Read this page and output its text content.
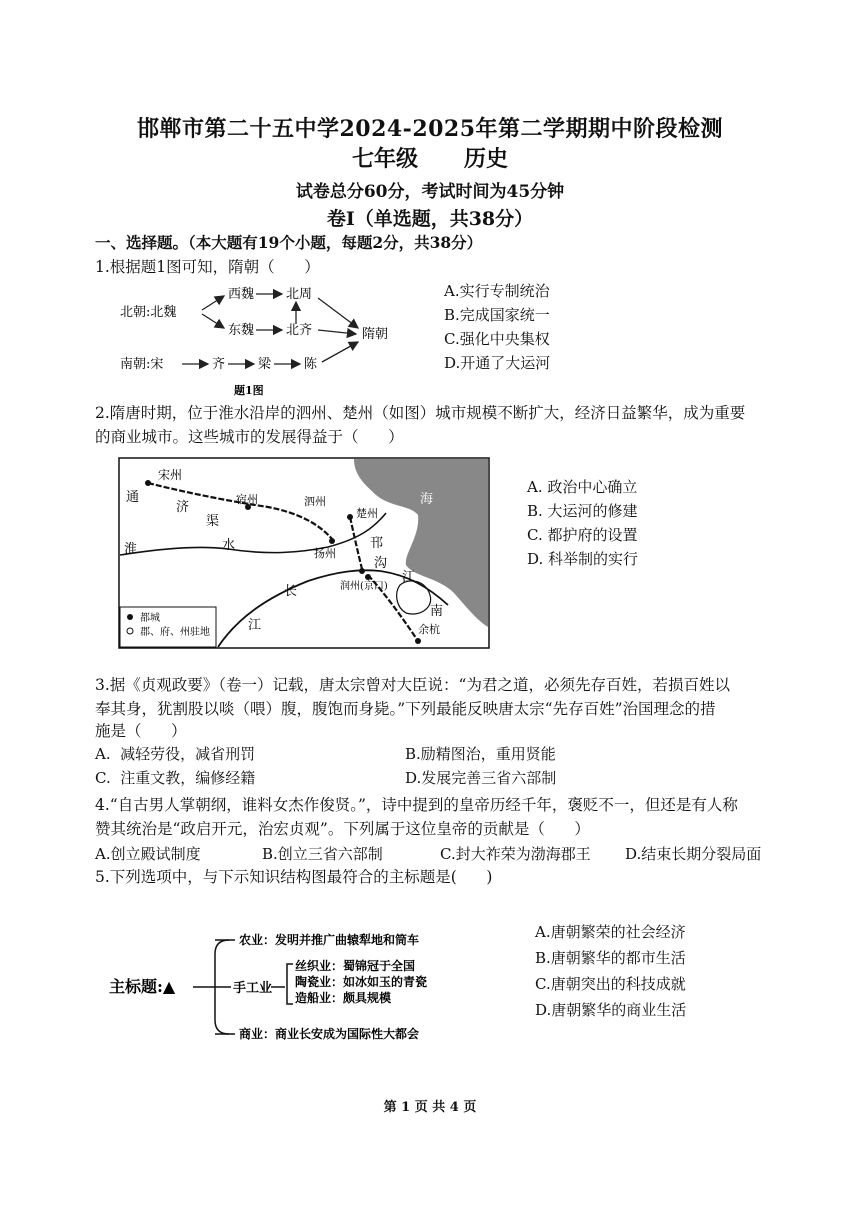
邯郸市第二十五中学2024-2025年第二学期期中阶段检测
七年级      历史
试卷总分60分，考试时间为45分钟
卷Ⅰ（单选题，共38分）
一、选择题。（本大题有19个小题，每题2分，共38分）
1.根据题1图可知，隋朝（      ）
北朝:北魏
西魏 北周
东魏 北齐	隋朝
南朝:宋	齐	梁	陈
题1图
A.实行专制统治
B.完成国家统一
C.强化中央集权
D.开通了大运河
2.隋唐时期，位于淮水沿岸的泗州、楚州（如图）城市规模不断扩大，经济日益繁华，成为重要
的商业城市。这些城市的发展得益于（      ）
都城
郡、府、州驻地
宋州
通
济
渠
宿州	泗州
楚州
海
邗
沟
淮	水
扬州
润州(京口)
长
江
江
南
余杭
A. 政治中心确立
B. 大运河的修建
C. 都护府的设置
D. 科举制的实行
3.据《贞观政要》（卷一）记载，唐太宗曾对大臣说：“为君之道，必须先存百姓，若损百姓以
奉其身，犹割股以啖（喂）腹，腹饱而身毙。”下列最能反映唐太宗“先存百姓”治国理念的措
施是（      ）
A.  减轻劳役，减省刑罚	B.励精图治，重用贤能
C.  注重文教，编修经籍	D.发展完善三省六部制
4.“自古男人掌朝纲，谁料女杰作俊贤。”，诗中提到的皇帝历经千年，褒贬不一，但还是有人称
赞其统治是“政启开元，治宏贞观”。下列属于这位皇帝的贡献是（      ）
A.创立殿试制度	B.创立三省六部制	C.封大祚荣为渤海郡王 D.结束长期分裂局面
5.下列选项中，与下示知识结构图最符合的主标题是(      )
主标题:▲
农业：发明并推广曲辕犁地和筒车
手工业
丝织业：蜀锦冠于全国
陶瓷业：如冰如玉的青瓷
造船业：颇具规模
商业：商业长安成为国际性大都会
A.唐朝繁荣的社会经济
B.唐朝繁华的都市生活
C.唐朝突出的科技成就
D.唐朝繁华的商业生活
第 1 页 共 4 页
